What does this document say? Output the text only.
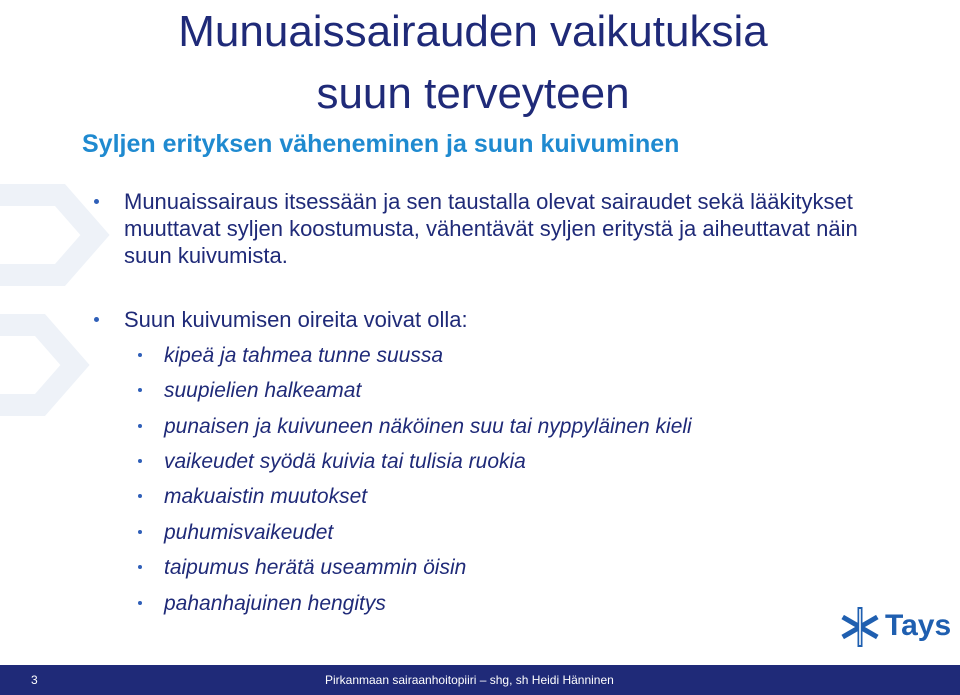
Munuaissairauden vaikutuksia
suun terveyteen
Syljen erityksen väheneminen ja suun kuivuminen
Munuaissairaus itsessään ja sen taustalla olevat sairaudet sekä lääkitykset muuttavat syljen koostumusta, vähentävät syljen eritystä ja aiheuttavat näin suun kuivumista.
Suun kuivumisen oireita voivat olla:
kipeä ja tahmea tunne suussa
suupielien halkeamat
punaisen ja kuivuneen näköinen suu tai nyppyläinen kieli
vaikeudet syödä kuivia tai tulisia ruokia
makuaistin muutokset
puhumisvaikeudet
taipumus herätä useammin öisin
pahanhajuinen hengitys
Tays
3	Pirkanmaan sairaanhoitopiiri – shg, sh Heidi Hänninen
